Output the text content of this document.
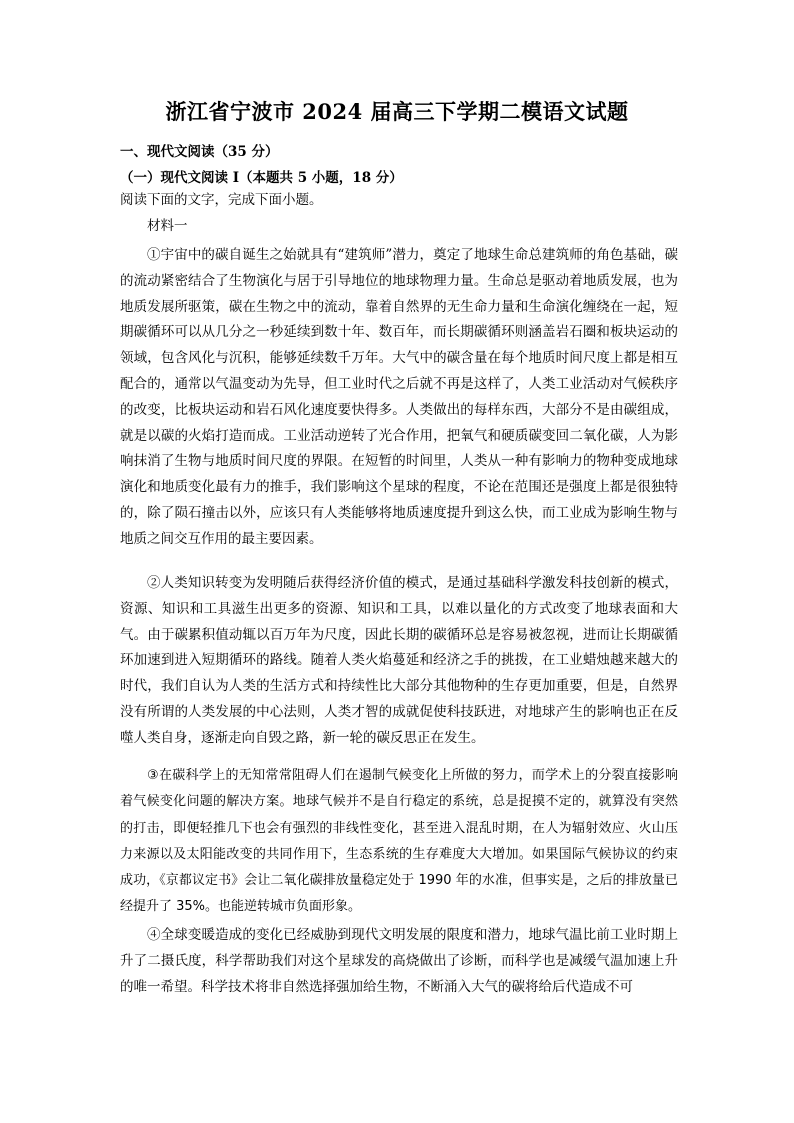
浙江省宁波市 2024 届高三下学期二模语文试题
一、现代文阅读（35 分）
（一）现代文阅读 I（本题共 5 小题，18 分）
阅读下面的文字，完成下面小题。
材料一

①宇宙中的碳自诞生之始就具有“建筑师”潜力，奠定了地球生命总建筑师的角色基础，碳的流动紧密结合了生物演化与居于引导地位的地球物理力量。生命总是驱动着地质发展，也为地质发展所驱策，碳在生物之中的流动，靠着自然界的无生命力量和生命演化缠绕在一起，短期碳循环可以从几分之一秒延续到数十年、数百年，而长期碳循环则涵盖岩石圈和板块运动的领域，包含风化与沉积，能够延续数千万年。大气中的碳含量在每个地质时间尺度上都是相互配合的，通常以气温变动为先导，但工业时代之后就不再是这样了，人类工业活动对气候秩序的改变，比板块运动和岩石风化速度要快得多。人类做出的每样东西，大部分不是由碳组成，就是以碳的火焰打造而成。工业活动逆转了光合作用，把氧气和硬质碳变回二氧化碳，人为影响抹消了生物与地质时间尺度的界限。在短暂的时间里，人类从一种有影响力的物种变成地球演化和地质变化最有力的推手，我们影响这个星球的程度，不论在范围还是强度上都是很独特的，除了陨石撞击以外，应该只有人类能够将地质速度提升到这么快，而工业成为影响生物与地质之间交互作用的最主要因素。

②人类知识转变为发明随后获得经济价值的模式，是通过基础科学激发科技创新的模式，资源、知识和工具滋生出更多的资源、知识和工具，以难以量化的方式改变了地球表面和大气。由于碳累积值动辄以百万年为尺度，因此长期的碳循环总是容易被忽视，进而让长期碳循环加速到进入短期循环的路线。随着人类火焰蔓延和经济之手的挑拨，在工业蜡烛越来越大的时代，我们自认为人类的生活方式和持续性比大部分其他物种的生存更加重要，但是，自然界没有所谓的人类发展的中心法则，人类才智的成就促使科技跃进，对地球产生的影响也正在反噬人类自身，逐渐走向自毁之路，新一轮的碳反思正在发生。

③在碳科学上的无知常常阻碍人们在遏制气候变化上所做的努力，而学术上的分裂直接影响着气候变化问题的解决方案。地球气候并不是自行稳定的系统，总是捉摸不定的，就算没有突然的打击，即便轻推几下也会有强烈的非线性变化，甚至进入混乱时期，在人为辐射效应、火山压力来源以及太阳能改变的共同作用下，生态系统的生存难度大大增加。如果国际气候协议的约束成功，《京都议定书》会让二氧化碳排放量稳定处于 1990 年的水准，但事实是，之后的排放量已经提升了 35%。也能逆转城市负面形象。

④全球变暖造成的变化已经威胁到现代文明发展的限度和潜力，地球气温比前工业时期上升了二摄氏度，科学帮助我们对这个星球发的高烧做出了诊断，而科学也是减缓气温加速上升的唯一希望。科学技术将非自然选择强加给生物，不断涌入大气的碳将给后代造成不可
